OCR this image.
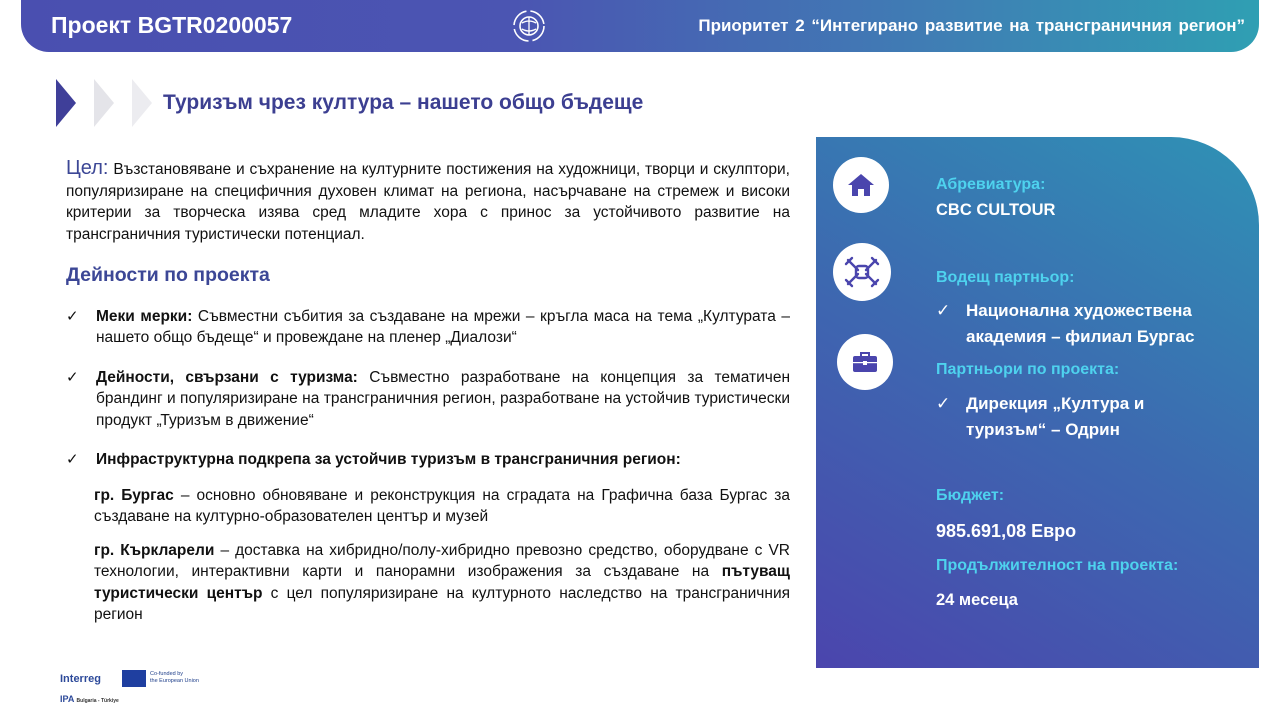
Проект BGTR0200057	Приоритет 2 “Интегирано развитие на трансграничния регион”
Туризъм чрез култура – нашето общо бъдеще

Цел: Възстановяване и съхранение на културните постижения на художници, творци и скулптори, популяризиране на специфичния духовен климат на региона, насърчаване на стремеж и високи критерии за творческа изява сред младите хора с принос за устойчивото развитие на трансграничния туристически потенциал.

Дейности по проекта
✓ Меки мерки: Съвместни събития за създаване на мрежи – кръгла маса на тема „Културата – нашето общо бъдеще“ и провеждане на пленер „Диалози“
✓ Дейности, свързани с туризма: Съвместно разработване на концепция за тематичен брандинг и популяризиране на трансграничния регион, разработване на устойчив туристически продукт „Туризъм в движение“
✓ Инфраструктурна подкрепа за устойчив туризъм в трансграничния регион:
гр. Бургас – основно обновяване и реконструкция на сградата на Графична база Бургас за създаване на културно-образователен център и музей
гр. Къркларели – доставка на хибридно/полу-хибридно превозно средство, оборудване с VR технологии, интерактивни карти и панорамни изображения за създаване на пътуващ туристически център с цел популяризиране на културното наследство на трансграничния регион
Абревиатура:
CBC CULTOUR
Водещ партньор:
✓ Национална художествена академия – филиал Бургас
Партньори по проекта:
✓ Дирекция „Култура и туризъм“ – Одрин
Бюджет:
985.691,08 Евро
Продължителност на проекта:
24 месеца
Interreg
IPA Bulgaria - Türkiye
Co-funded by
the European Union
